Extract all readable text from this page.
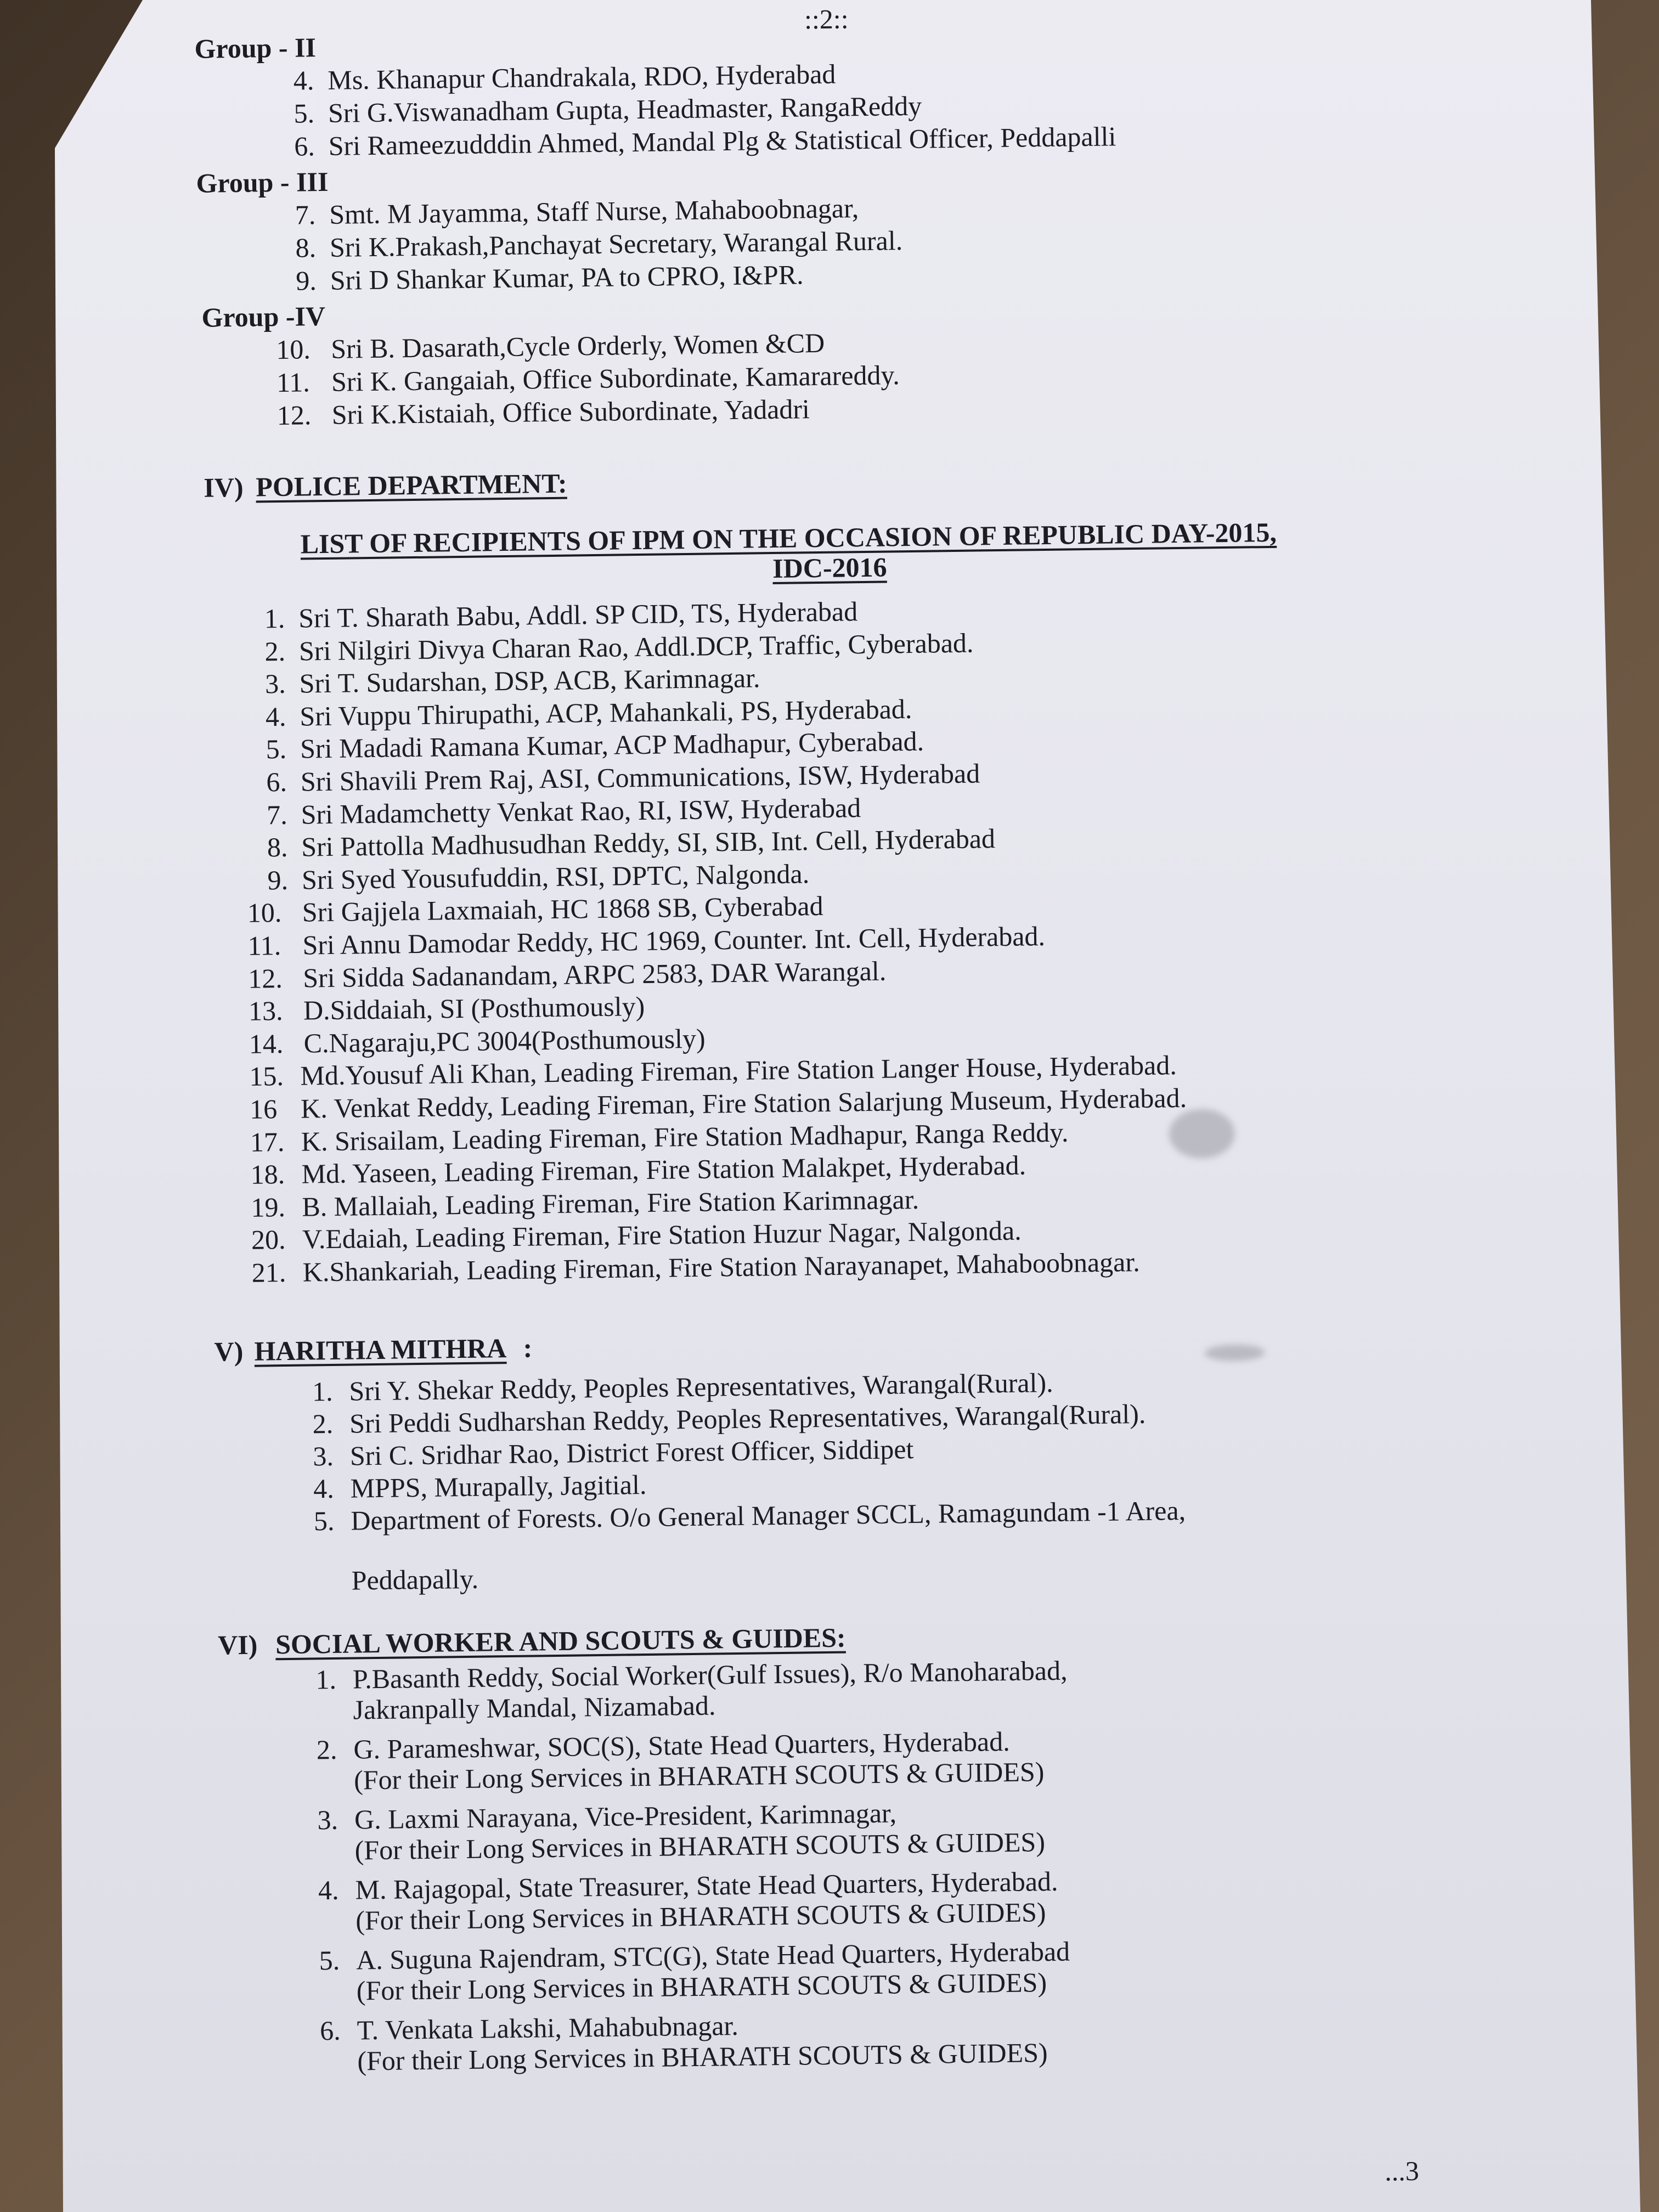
::2::
Group - II
4. Ms. Khanapur Chandrakala, RDO, Hyderabad
5. Sri G.Viswanadham Gupta, Headmaster, RangaReddy
6. Sri Rameezudddin Ahmed, Mandal Plg & Statistical Officer, Peddapalli
Group - III
7. Smt. M Jayamma, Staff Nurse, Mahaboobnagar,
8. Sri K.Prakash,Panchayat Secretary, Warangal Rural.
9. Sri D Shankar Kumar, PA to CPRO, I&PR.
Group -IV
10. Sri B. Dasarath,Cycle Orderly, Women &CD
11. Sri K. Gangaiah, Office Subordinate, Kamarareddy.
12. Sri K.Kistaiah, Office Subordinate, Yadadri
IV) POLICE DEPARTMENT:
LIST OF RECIPIENTS OF IPM ON THE OCCASION OF REPUBLIC DAY-2015,
IDC-2016
1. Sri T. Sharath Babu, Addl. SP CID, TS, Hyderabad
2. Sri Nilgiri Divya Charan Rao, Addl.DCP, Traffic, Cyberabad.
3. Sri T. Sudarshan, DSP, ACB, Karimnagar.
4. Sri Vuppu Thirupathi, ACP, Mahankali, PS, Hyderabad.
5. Sri Madadi Ramana Kumar, ACP Madhapur, Cyberabad.
6. Sri Shavili Prem Raj, ASI, Communications, ISW, Hyderabad
7. Sri Madamchetty Venkat Rao, RI, ISW, Hyderabad
8. Sri Pattolla Madhusudhan Reddy, SI, SIB, Int. Cell, Hyderabad
9. Sri Syed Yousufuddin, RSI, DPTC, Nalgonda.
10. Sri Gajjela Laxmaiah, HC 1868 SB, Cyberabad
11. Sri Annu Damodar Reddy, HC 1969, Counter. Int. Cell, Hyderabad.
12. Sri Sidda Sadanandam, ARPC 2583, DAR Warangal.
13. D.Siddaiah, SI (Posthumously)
14. C.Nagaraju,PC 3004(Posthumously)
15. Md.Yousuf Ali Khan, Leading Fireman, Fire Station Langer House, Hyderabad.
16 K. Venkat Reddy, Leading Fireman, Fire Station Salarjung Museum, Hyderabad.
17. K. Srisailam, Leading Fireman, Fire Station Madhapur, Ranga Reddy.
18. Md. Yaseen, Leading Fireman, Fire Station Malakpet, Hyderabad.
19. B. Mallaiah, Leading Fireman, Fire Station Karimnagar.
20. V.Edaiah, Leading Fireman, Fire Station Huzur Nagar, Nalgonda.
21. K.Shankariah, Leading Fireman, Fire Station Narayanapet, Mahaboobnagar.
V) HARITHA MITHRA :
1. Sri Y. Shekar Reddy, Peoples Representatives, Warangal(Rural).
2. Sri Peddi Sudharshan Reddy, Peoples Representatives, Warangal(Rural).
3. Sri C. Sridhar Rao, District Forest Officer, Siddipet
4. MPPS, Murapally, Jagitial.
5. Department of Forests. O/o General Manager SCCL, Ramagundam -1 Area,
Peddapally.
VI) SOCIAL WORKER AND SCOUTS & GUIDES:
1. P.Basanth Reddy, Social Worker(Gulf Issues), R/o Manoharabad,
Jakranpally Mandal, Nizamabad.
2. G. Parameshwar, SOC(S), State Head Quarters, Hyderabad.
(For their Long Services in BHARATH SCOUTS & GUIDES)
3. G. Laxmi Narayana, Vice-President, Karimnagar,
(For their Long Services in BHARATH SCOUTS & GUIDES)
4. M. Rajagopal, State Treasurer, State Head Quarters, Hyderabad.
(For their Long Services in BHARATH SCOUTS & GUIDES)
5. A. Suguna Rajendram, STC(G), State Head Quarters, Hyderabad
(For their Long Services in BHARATH SCOUTS & GUIDES)
6. T. Venkata Lakshi, Mahabubnagar.
(For their Long Services in BHARATH SCOUTS & GUIDES)
...3
